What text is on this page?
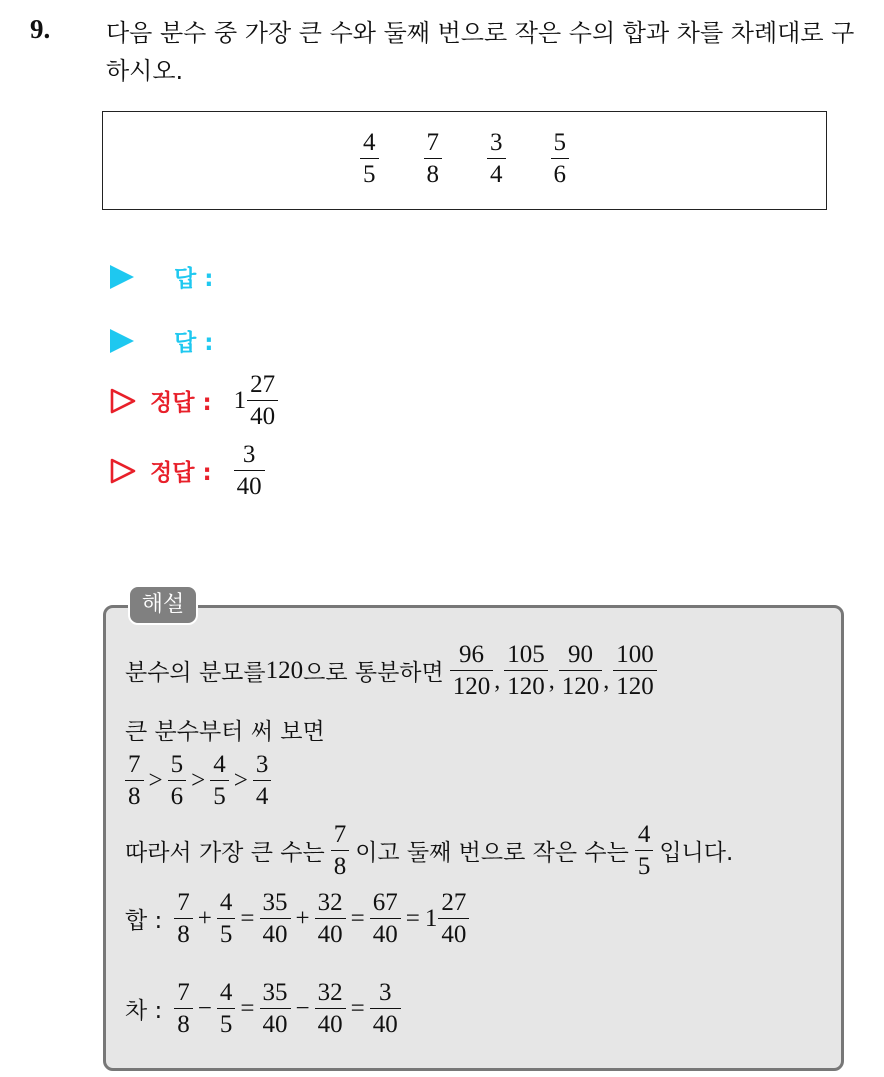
9. 다음 분수 중 가장 큰 수와 둘째 번으로 작은 수의 합과 차를 차례대로 구하시오.
$\frac{4}{5} \frac{7}{8} \frac{3}{4} \frac{5}{6}$
답 :
답 :
정답 : $1 \frac{27}{40}$
정답 : $\frac{3}{40}$
해설
분수의 분모를 120 으로 통분하면 $\frac{96}{120}$ , $\frac{105}{120}$ , $\frac{90}{120}$ , $\frac{100}{120}$
큰 분수부터 써 보면
$\frac{7}{8} > \frac{5}{6} > \frac{4}{5} > \frac{3}{4}$
따라서 가장 큰 수는 $\frac{7}{8}$ 이고 둘째 번으로 작은 수는 $\frac{4}{5}$ 입니다.
합 : $\frac{7}{8} + \frac{4}{5} = \frac{35}{40} + \frac{32}{40} = \frac{67}{40} = 1 \frac{27}{40}$
차 : $\frac{7}{8} - \frac{4}{5} = \frac{35}{40} - \frac{32}{40} = \frac{3}{40}$
